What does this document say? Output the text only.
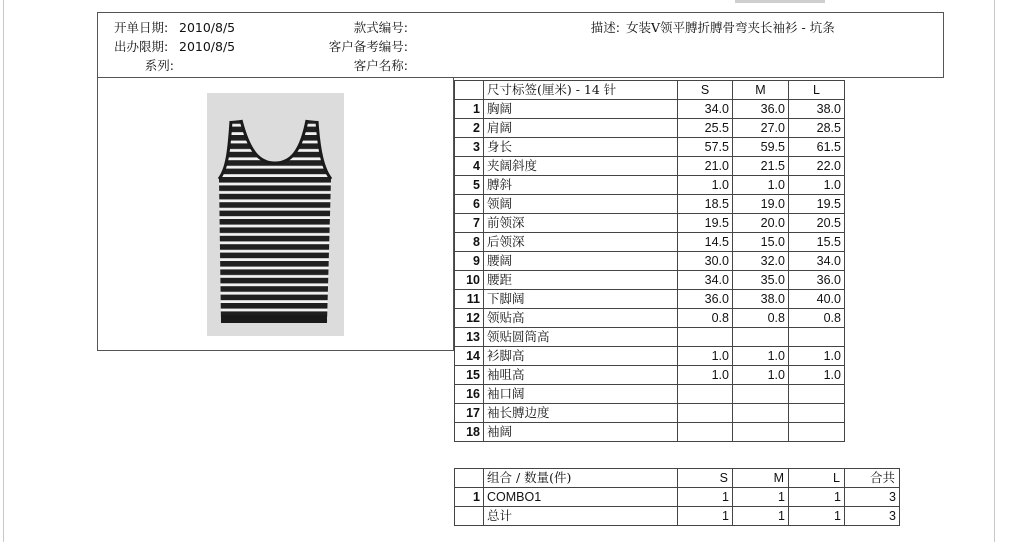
开单日期: 2010/8/5
出办限期: 2010/8/5
系列:
款式编号:
客户备考编号:
客户名称:
描述: 女装V领平膊折膊骨弯夹长袖衫 - 坑条
	尺寸标签(厘米) - 14 针	S	M	L
1	胸阔	34.0	36.0	38.0
2	肩阔	25.5	27.0	28.5
3	身长	57.5	59.5	61.5
4	夹阔斜度	21.0	21.5	22.0
5	膊斜	1.0	1.0	1.0
6	领阔	18.5	19.0	19.5
7	前领深	19.5	20.0	20.5
8	后领深	14.5	15.0	15.5
9	腰阔	30.0	32.0	34.0
10	腰距	34.0	35.0	36.0
11	下脚阔	36.0	38.0	40.0
12	领贴高	0.8	0.8	0.8
13	领贴圆筒高			
14	衫脚高	1.0	1.0	1.0
15	袖咀高	1.0	1.0	1.0
16	袖口阔			
17	袖长膊边度			
18	袖阔			
	组合 / 数量(件)	S	M	L	合共
1	COMBO1	1	1	1	3
	总计	1	1	1	3
